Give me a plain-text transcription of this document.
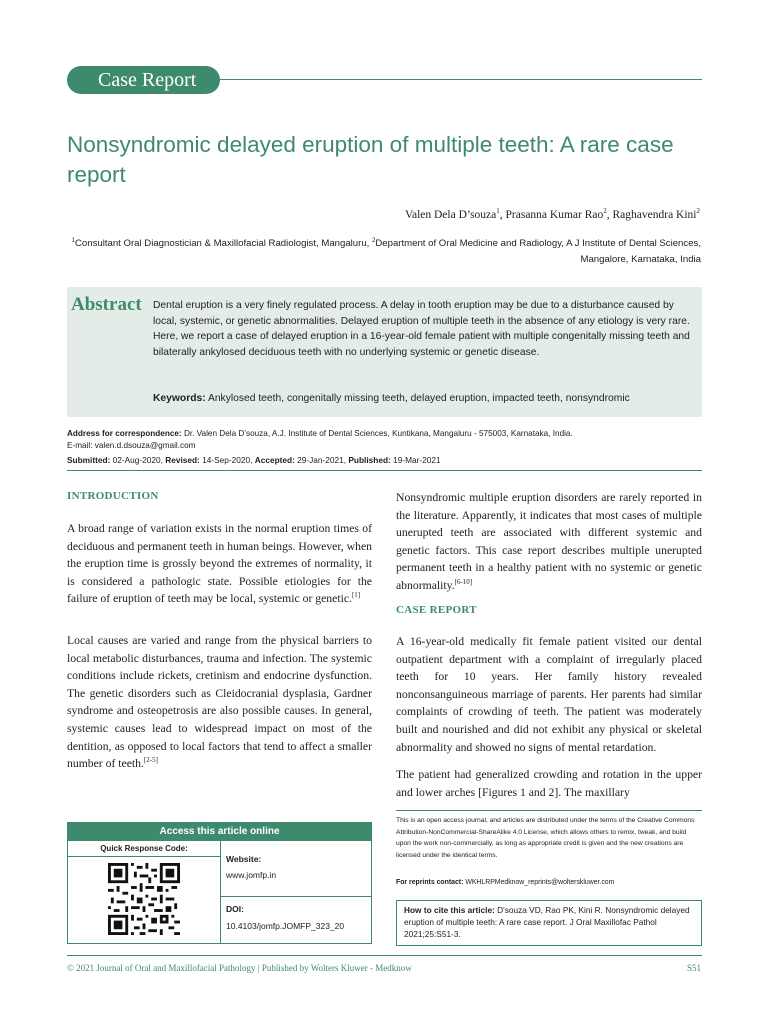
Case Report
Nonsyndromic delayed eruption of multiple teeth: A rare case report
Valen Dela D’souza$^1$, Prasanna Kumar Rao$^2$, Raghavendra Kini$^2$
$^1$Consultant Oral Diagnostician & Maxillofacial Radiologist, Mangaluru, $^2$Department of Oral Medicine and Radiology, A J Institute of Dental Sciences, Mangalore, Karnataka, India
Abstract Dental eruption is a very finely regulated process. A delay in tooth eruption may be due to a disturbance caused by local, systemic, or genetic abnormalities. Delayed eruption of multiple teeth in the absence of any etiology is very rare. Here, we report a case of delayed eruption in a 16-year-old female patient with multiple congenitally missing teeth and bilaterally ankylosed deciduous teeth with no underlying systemic or genetic disease.
Keywords: Ankylosed teeth, congenitally missing teeth, delayed eruption, impacted teeth, nonsyndromic
Address for correspondence: Dr. Valen Dela D’souza, A.J. Institute of Dental Sciences, Kuntikana, Mangaluru - 575003, Karnataka, India.
E-mail: valen.d.dsouza@gmail.com
Submitted: 02-Aug-2020, Revised: 14-Sep-2020, Accepted: 29-Jan-2021, Published: 19-Mar-2021
INTRODUCTION
A broad range of variation exists in the normal eruption times of deciduous and permanent teeth in human beings. However, when the eruption time is grossly beyond the extremes of normality, it is considered a pathologic state. Possible etiologies for the failure of eruption of teeth may be local, systemic or genetic.[1]
Local causes are varied and range from the physical barriers to local metabolic disturbances, trauma and infection. The systemic conditions include rickets, cretinism and endocrine dysfunction. The genetic disorders such as Cleidocranial dysplasia, Gardner syndrome and osteopetrosis are also possible causes. In general, systemic causes lead to widespread impact on most of the dentition, as opposed to local factors that tend to affect a smaller number of teeth.[2-5]
Nonsyndromic multiple eruption disorders are rarely reported in the literature. Apparently, it indicates that most cases of multiple unerupted teeth are associated with different systemic and genetic factors. This case report describes multiple unerupted permanent teeth in a healthy patient with no systemic or genetic abnormality.[6-10]
CASE REPORT
A 16-year-old medically fit female patient visited our dental outpatient department with a complaint of irregularly placed teeth for 10 years. Her family history revealed nonconsanguineous marriage of parents. Her parents had similar complaints of crowding of teeth. The patient was moderately built and nourished and did not exhibit any physical or skeletal abnormality and showed no signs of mental retardation.
The patient had generalized crowding and rotation in the upper and lower arches [Figures 1 and 2]. The maxillary
Access this article online
Quick Response Code:
Website:
www.jomfp.in
DOI:
10.4103/jomfp.JOMFP_323_20
This is an open access journal, and articles are distributed under the terms of the Creative Commons Attribution-NonCommercial-ShareAlike 4.0 License, which allows others to remix, tweak, and build upon the work non-commercially, as long as appropriate credit is given and the new creations are licensed under the identical terms.
For reprints contact: WKHLRPMedknow_reprints@wolterskluwer.com
How to cite this article: D'souza VD, Rao PK, Kini R. Nonsyndromic delayed eruption of multiple teeth: A rare case report. J Oral Maxillofac Pathol 2021;25:S51-3.
© 2021 Journal of Oral and Maxillofacial Pathology | Published by Wolters Kluwer - Medknow	S51
